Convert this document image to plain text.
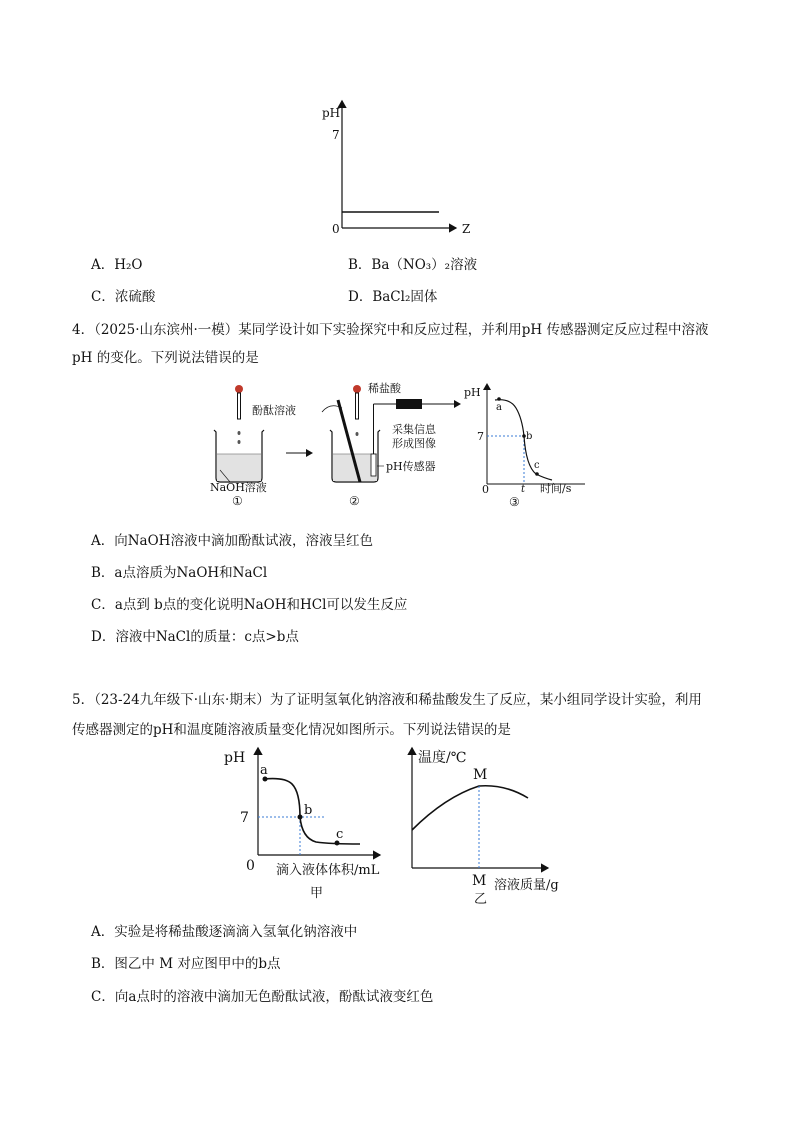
pH
7
0	Z
A．H₂O	B．Ba（NO₃）₂溶液
C．浓硫酸	D．BaCl₂固体
4．（2025·山东滨州·一模）某同学设计如下实验探究中和反应过程，并利用pH 传感器测定反应过程中溶液
pH 的变化。下列说法错误的是
酚酞溶液
NaOH溶液
①
稀盐酸
采集信息
形成图像
pH传感器
②
pH
7
0
a
b
c
t 时间/s
③
A．向NaOH溶液中滴加酚酞试液，溶液呈红色
B．a点溶质为NaOH和NaCl
C．a点到 b点的变化说明NaOH和HCl可以发生反应
D．溶液中NaCl的质量：c点>b点
5．（23-24九年级下·山东·期末）为了证明氢氧化钠溶液和稀盐酸发生了反应，某小组同学设计实验，利用
传感器测定的pH和温度随溶液质量变化情况如图所示。下列说法错误的是
pH
7
0
a
b
c
滴入液体体积/mL
甲
温度/℃
M
M 溶液质量/g
乙
A．实验是将稀盐酸逐滴滴入氢氧化钠溶液中
B．图乙中 M 对应图甲中的b点
C．向a点时的溶液中滴加无色酚酞试液，酚酞试液变红色
